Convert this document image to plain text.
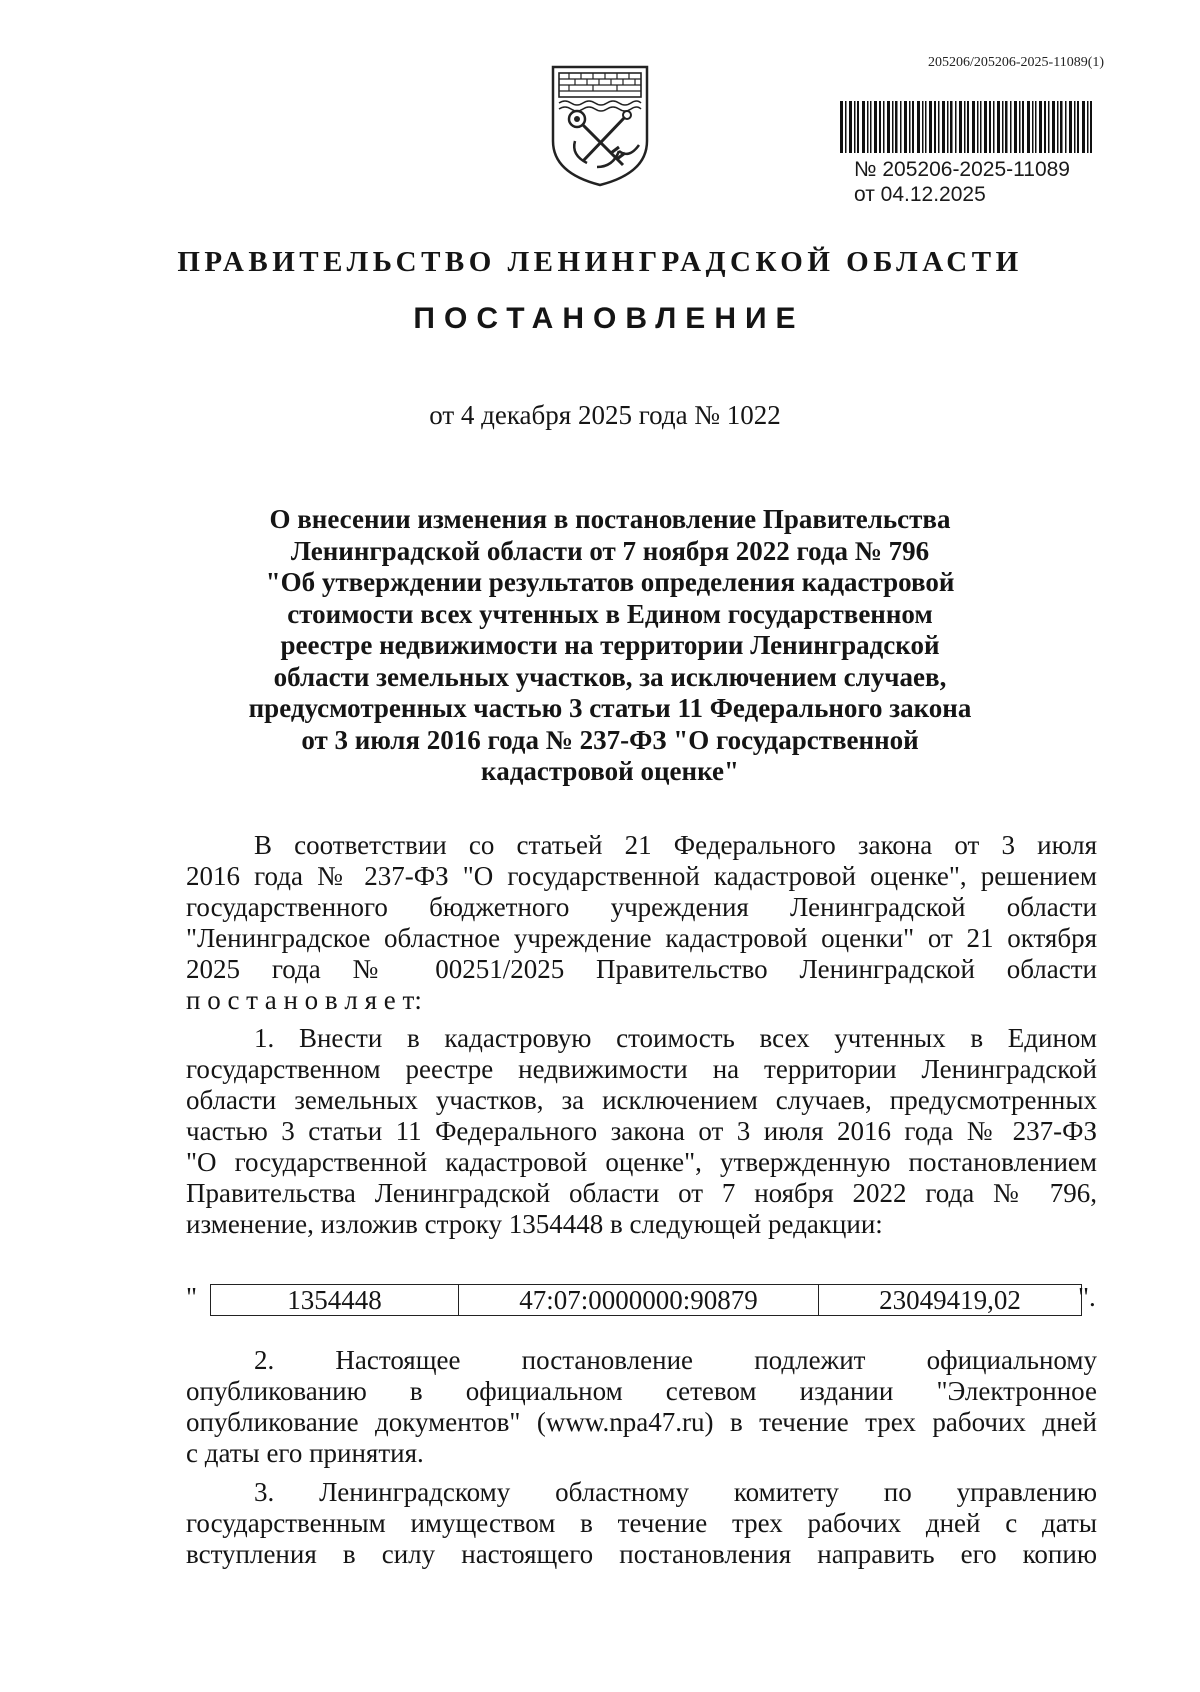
205206/205206-2025-11089(1)
№ 205206-2025-11089
от 04.12.2025
ПРАВИТЕЛЬСТВО ЛЕНИНГРАДСКОЙ ОБЛАСТИ
ПОСТАНОВЛЕНИЕ
от 4 декабря 2025 года № 1022
О внесении изменения в постановление Правительства
Ленинградской области от 7 ноября 2022 года № 796
"Об утверждении результатов определения кадастровой
стоимости всех учтенных в Едином государственном
реестре недвижимости на территории Ленинградской
области земельных участков, за исключением случаев,
предусмотренных частью 3 статьи 11 Федерального закона
от 3 июля 2016 года № 237-ФЗ "О государственной
кадастровой оценке"
В соответствии со статьей 21 Федерального закона от 3 июля
2016 года № 237-ФЗ "О государственной кадастровой оценке", решением
государственного бюджетного учреждения Ленинградской области
"Ленинградское областное учреждение кадастровой оценки" от 21 октября
2025 года № 00251/2025 Правительство Ленинградской области
п о с т а н о в л я е т:
1. Внести в кадастровую стоимость всех учтенных в Едином
государственном реестре недвижимости на территории Ленинградской
области земельных участков, за исключением случаев, предусмотренных
частью 3 статьи 11 Федерального закона от 3 июля 2016 года № 237-ФЗ
"О государственной кадастровой оценке", утвержденную постановлением
Правительства Ленинградской области от 7 ноября 2022 года № 796,
изменение, изложив строку 1354448 в следующей редакции:
"	1354448	47:07:0000000:90879	23049419,02 ".
2. Настоящее постановление подлежит официальному
опубликованию в официальном сетевом издании "Электронное
опубликование документов" (www.npa47.ru) в течение трех рабочих дней
с даты его принятия.
3. Ленинградскому областному комитету по управлению
государственным имуществом в течение трех рабочих дней с даты
вступления в силу настоящего постановления направить его копию
